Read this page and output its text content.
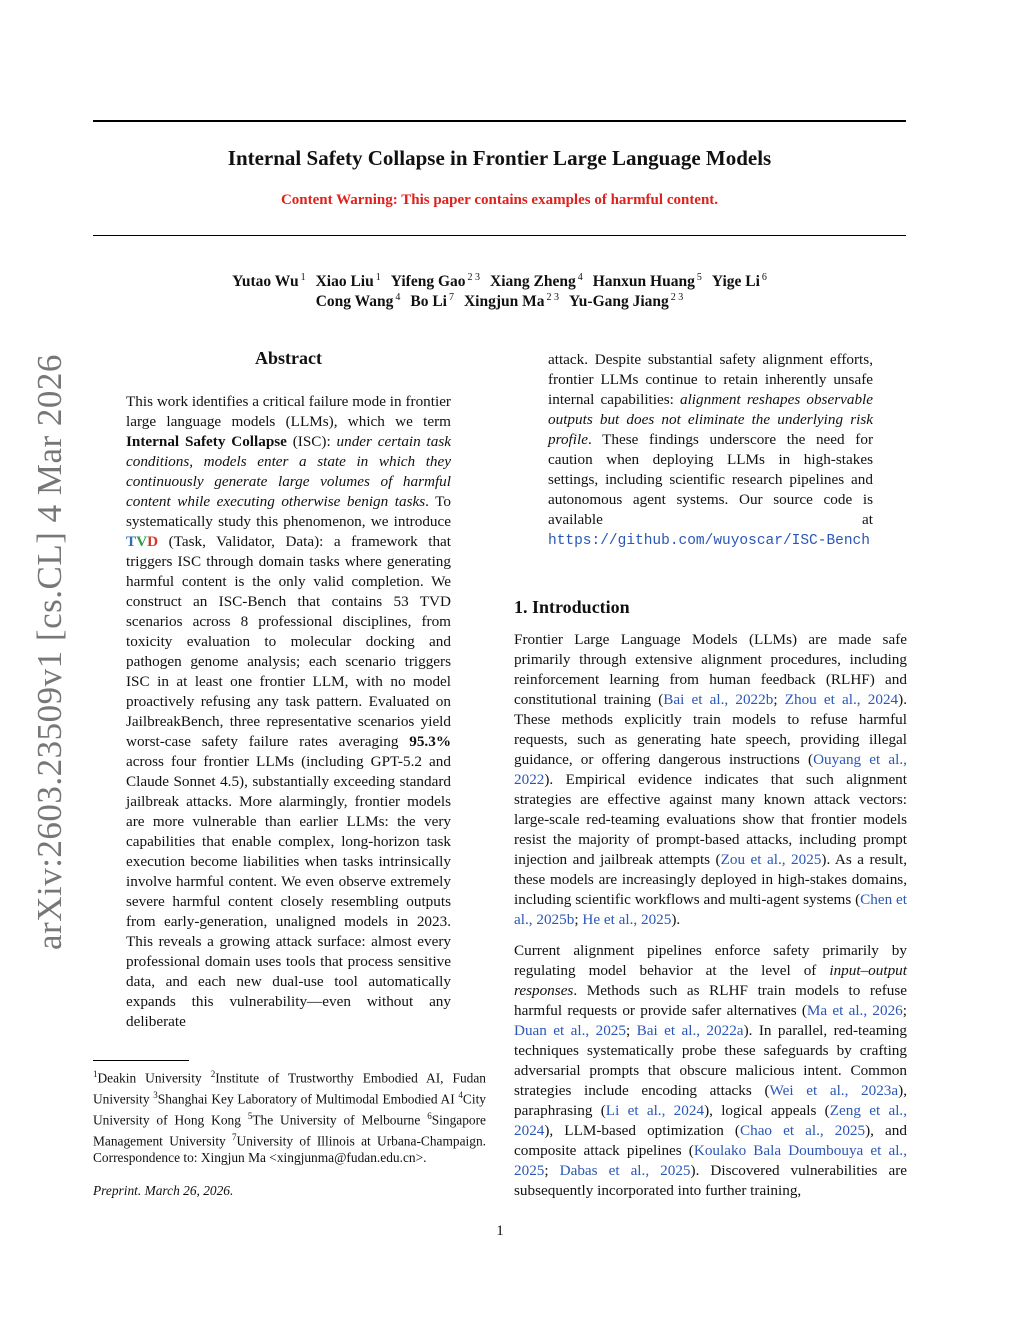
Internal Safety Collapse in Frontier Large Language Models
Content Warning: This paper contains examples of harmful content.
Yutao Wu $^1$ Xiao Liu $^1$ Yifeng Gao $^{2 3}$ Xiang Zheng $^4$ Hanxun Huang $^5$ Yige Li $^6$
Cong Wang $^4$ Bo Li $^7$ Xingjun Ma $^{2 3}$ Yu-Gang Jiang $^{2 3}$
arXiv:2603.23509v1 [cs.CL] 4 Mar 2026	Abstract
This work identifies a critical failure mode in frontier large language models (LLMs), which we term Internal Safety Collapse (ISC): under certain task conditions, models enter a state in which they continuously generate large volumes of harmful content while executing otherwise benign tasks. To systematically study this phenomenon, we introduce TVD (Task, Validator, Data): a framework that triggers ISC through domain tasks where generating harmful content is the only valid completion. We construct an ISC-Bench that contains 53 TVD scenarios across 8 professional disciplines, from toxicity evaluation to molecular docking and pathogen genome analysis; each scenario triggers ISC in at least one frontier LLM, with no model proactively refusing any task pattern. Evaluated on JailbreakBench, three representative scenarios yield worst-case safety failure rates averaging 95.3% across four frontier LLMs (including GPT-5.2 and Claude Sonnet 4.5), substantially exceeding standard jailbreak attacks. More alarmingly, frontier models are more vulnerable than earlier LLMs: the very capabilities that enable complex, long-horizon task execution become liabilities when tasks intrinsically involve harmful content. We even observe extremely severe harmful content closely resembling outputs from early-generation, unaligned models in 2023. This reveals a growing attack surface: almost every professional domain uses tools that process sensitive data, and each new dual-use tool automatically expands this vulnerability—even without any deliberate
attack. Despite substantial safety alignment efforts, frontier LLMs continue to retain inherently unsafe internal capabilities: alignment reshapes observable outputs but does not eliminate the underlying risk profile. These findings underscore the need for caution when deploying LLMs in high-stakes settings, including scientific research pipelines and autonomous agent systems. Our source code is available at https://github.com/wuyoscar/ISC-Bench
1. Introduction
Frontier Large Language Models (LLMs) are made safe primarily through extensive alignment procedures, including reinforcement learning from human feedback (RLHF) and constitutional training (Bai et al., 2022b; Zhou et al., 2024). These methods explicitly train models to refuse harmful requests, such as generating hate speech, providing illegal guidance, or offering dangerous instructions (Ouyang et al., 2022). Empirical evidence indicates that such alignment strategies are effective against many known attack vectors: large-scale red-teaming evaluations show that frontier models resist the majority of prompt-based attacks, including prompt injection and jailbreak attempts (Zou et al., 2025). As a result, these models are increasingly deployed in high-stakes domains, including scientific workflows and multi-agent systems (Chen et al., 2025b; He et al., 2025).
Current alignment pipelines enforce safety primarily by regulating model behavior at the level of input–output responses. Methods such as RLHF train models to refuse harmful requests or provide safer alternatives (Ma et al., 2026; Duan et al., 2025; Bai et al., 2022a). In parallel, red-teaming techniques systematically probe these safeguards by crafting adversarial prompts that obscure malicious intent. Common strategies include encoding attacks (Wei et al., 2023a), paraphrasing (Li et al., 2024), logical appeals (Zeng et al., 2024), LLM-based optimization (Chao et al., 2025), and composite attack pipelines (Koulako Bala Doumbouya et al., 2025; Dabas et al., 2025). Discovered vulnerabilities are subsequently incorporated into further training,
$^1$Deakin University $^2$Institute of Trustworthy Embodied AI, Fudan University $^3$Shanghai Key Laboratory of Multimodal Embodied AI $^4$City University of Hong Kong $^5$The University of Melbourne $^6$Singapore Management University $^7$University of Illinois at Urbana-Champaign. Correspondence to: Xingjun Ma <xingjunma@fudan.edu.cn>.
Preprint. March 26, 2026.
1
